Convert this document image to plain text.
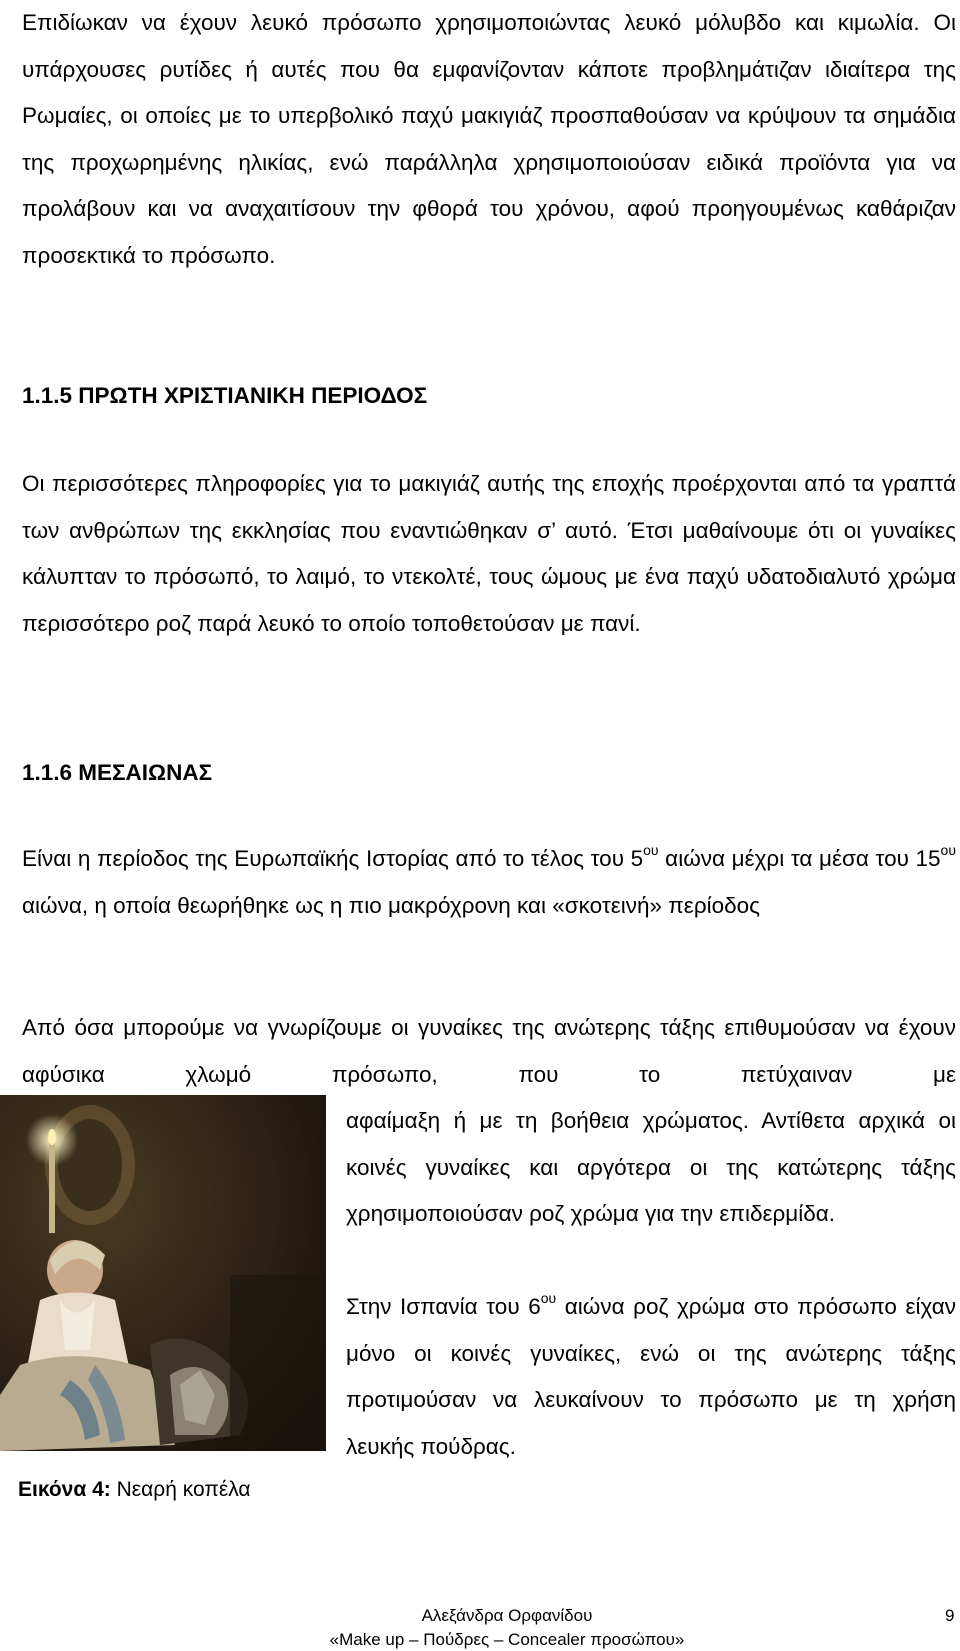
Επιδίωκαν να έχουν λευκό πρόσωπο χρησιμοποιώντας λευκό μόλυβδο και κιμωλία. Οι υπάρχουσες ρυτίδες ή αυτές που θα εμφανίζονταν κάποτε προβλημάτιζαν ιδιαίτερα της Ρωμαίες, οι οποίες με το υπερβολικό παχύ μακιγιάζ προσπαθούσαν να κρύψουν τα σημάδια της προχωρημένης ηλικίας, ενώ παράλληλα χρησιμοποιούσαν ειδικά προϊόντα για να προλάβουν και να αναχαιτίσουν την φθορά του χρόνου, αφού προηγουμένως καθάριζαν προσεκτικά το πρόσωπο.

1.1.5 ΠΡΩΤΗ ΧΡΙΣΤΙΑΝΙΚΗ ΠΕΡΙΟΔΟΣ

Οι περισσότερες πληροφορίες για το μακιγιάζ αυτής της εποχής προέρχονται από τα γραπτά των ανθρώπων της εκκλησίας που εναντιώθηκαν σ’ αυτό. Έτσι μαθαίνουμε ότι οι γυναίκες κάλυπταν το πρόσωπό, το λαιμό, το ντεκολτέ, τους ώμους με ένα παχύ υδατοδιαλυτό χρώμα περισσότερο ροζ παρά λευκό το οποίο τοποθετούσαν με πανί.

1.1.6 ΜΕΣΑΙΩΝΑΣ

Είναι η περίοδος της Ευρωπαϊκής Ιστορίας από το τέλος του $5^{o\upsilon}$ αιώνα μέχρι τα μέσα του $15^{o\upsilon}$ αιώνα, η οποία θεωρήθηκε ως η πιο μακρόχρονη και «σκοτεινή» περίοδος

Από όσα μπορούμε να γνωρίζουμε οι γυναίκες της ανώτερης τάξης επιθυμούσαν να έχουν αφύσικα χλωμό πρόσωπο, που το πετύχαιναν με

αφαίμαξη ή με τη βοήθεια χρώματος. Αντίθετα αρχικά οι κοινές γυναίκες και αργότερα οι της κατώτερης τάξης χρησιμοποιούσαν ροζ χρώμα για την επιδερμίδα.

Στην Ισπανία του $6^{o\upsilon}$ αιώνα ροζ χρώμα στο πρόσωπο είχαν μόνο οι κοινές γυναίκες, ενώ οι της ανώτερης τάξης προτιμούσαν να λευκαίνουν το πρόσωπο με τη χρήση λευκής πούδρας.

Εικόνα 4: Νεαρή κοπέλα

Αλεξάνδρα Ορφανίδου
«Make up – Πούδρες – Concealer προσώπου»
9
